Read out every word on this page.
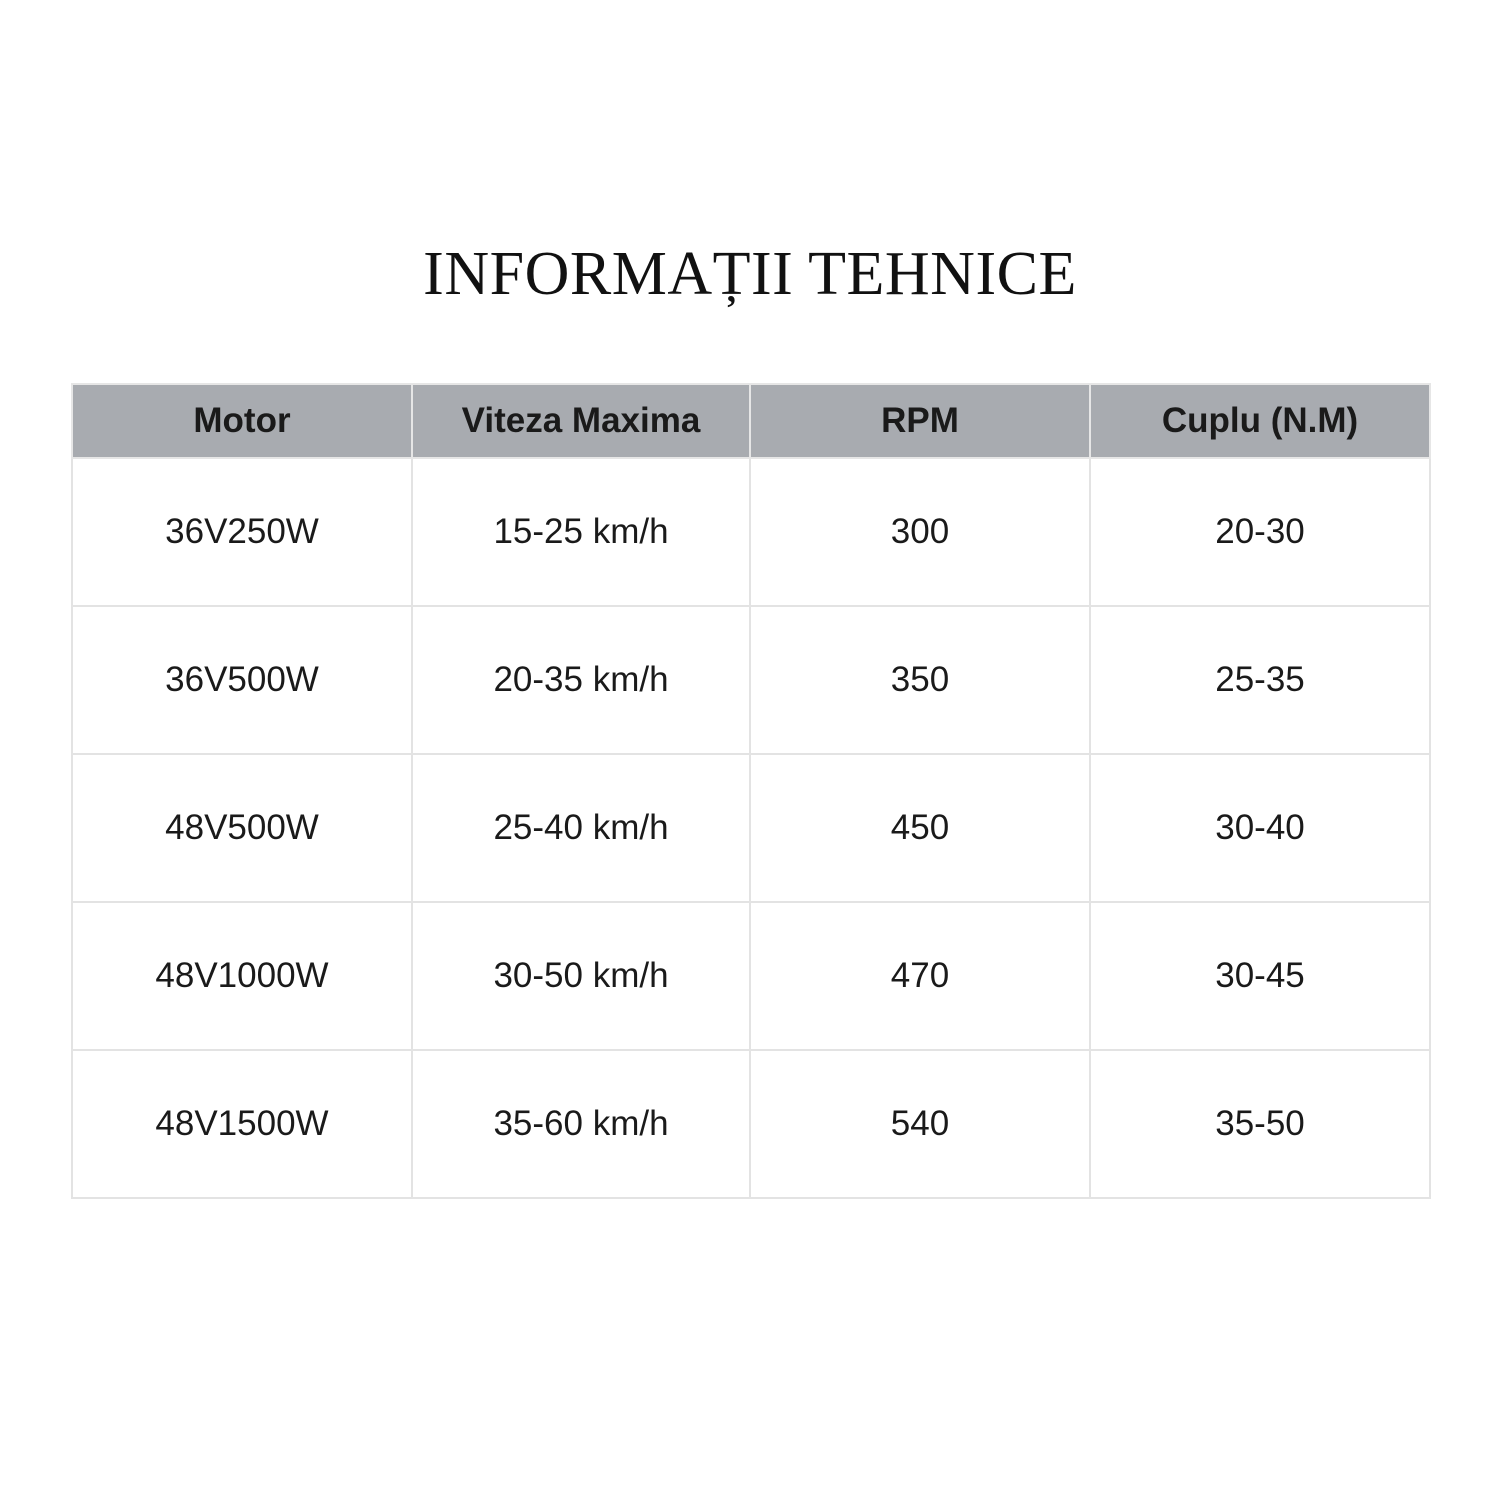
INFORMAȚII TEHNICE
Motor	Viteza Maxima	RPM	Cuplu (N.M)
36V250W	15-25 km/h	300	20-30
36V500W	20-35 km/h	350	25-35
48V500W	25-40 km/h	450	30-40
48V1000W	30-50 km/h	470	30-45
48V1500W	35-60 km/h	540	35-50
